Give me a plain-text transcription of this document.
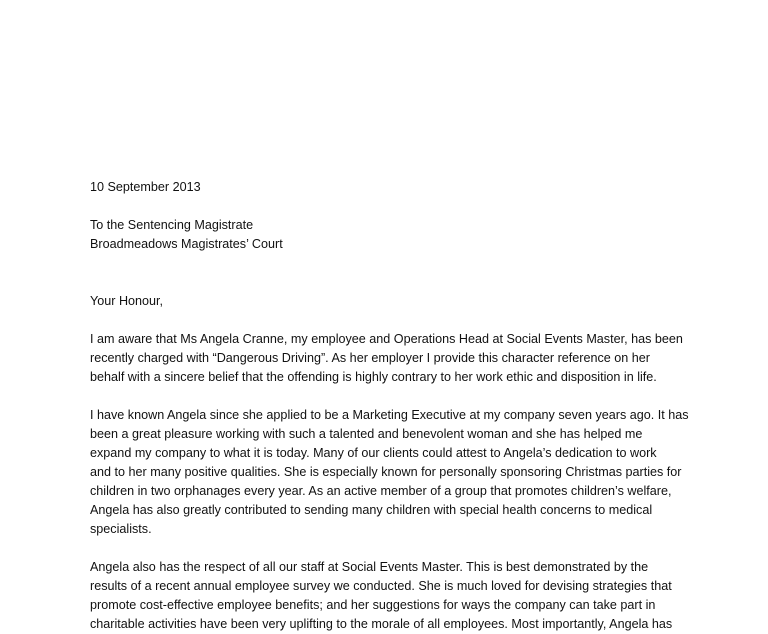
10 September 2013
To the Sentencing Magistrate
Broadmeadows Magistrates’ Court
Your Honour,
I am aware that Ms Angela Cranne, my employee and Operations Head at Social Events Master, has been
recently charged with “Dangerous Driving”. As her employer I provide this character reference on her
behalf with a sincere belief that the offending is highly contrary to her work ethic and disposition in life.
I have known Angela since she applied to be a Marketing Executive at my company seven years ago. It has
been a great pleasure working with such a talented and benevolent woman and she has helped me
expand my company to what it is today. Many of our clients could attest to Angela’s dedication to work
and to her many positive qualities. She is especially known for personally sponsoring Christmas parties for
children in two orphanages every year. As an active member of a group that promotes children’s welfare,
Angela has also greatly contributed to sending many children with special health concerns to medical
specialists.
Angela also has the respect of all our staff at Social Events Master. This is best demonstrated by the
results of a recent annual employee survey we conducted. She is much loved for devising strategies that
promote cost-effective employee benefits; and her suggestions for ways the company can take part in
charitable activities have been very uplifting to the morale of all employees. Most importantly, Angela has
